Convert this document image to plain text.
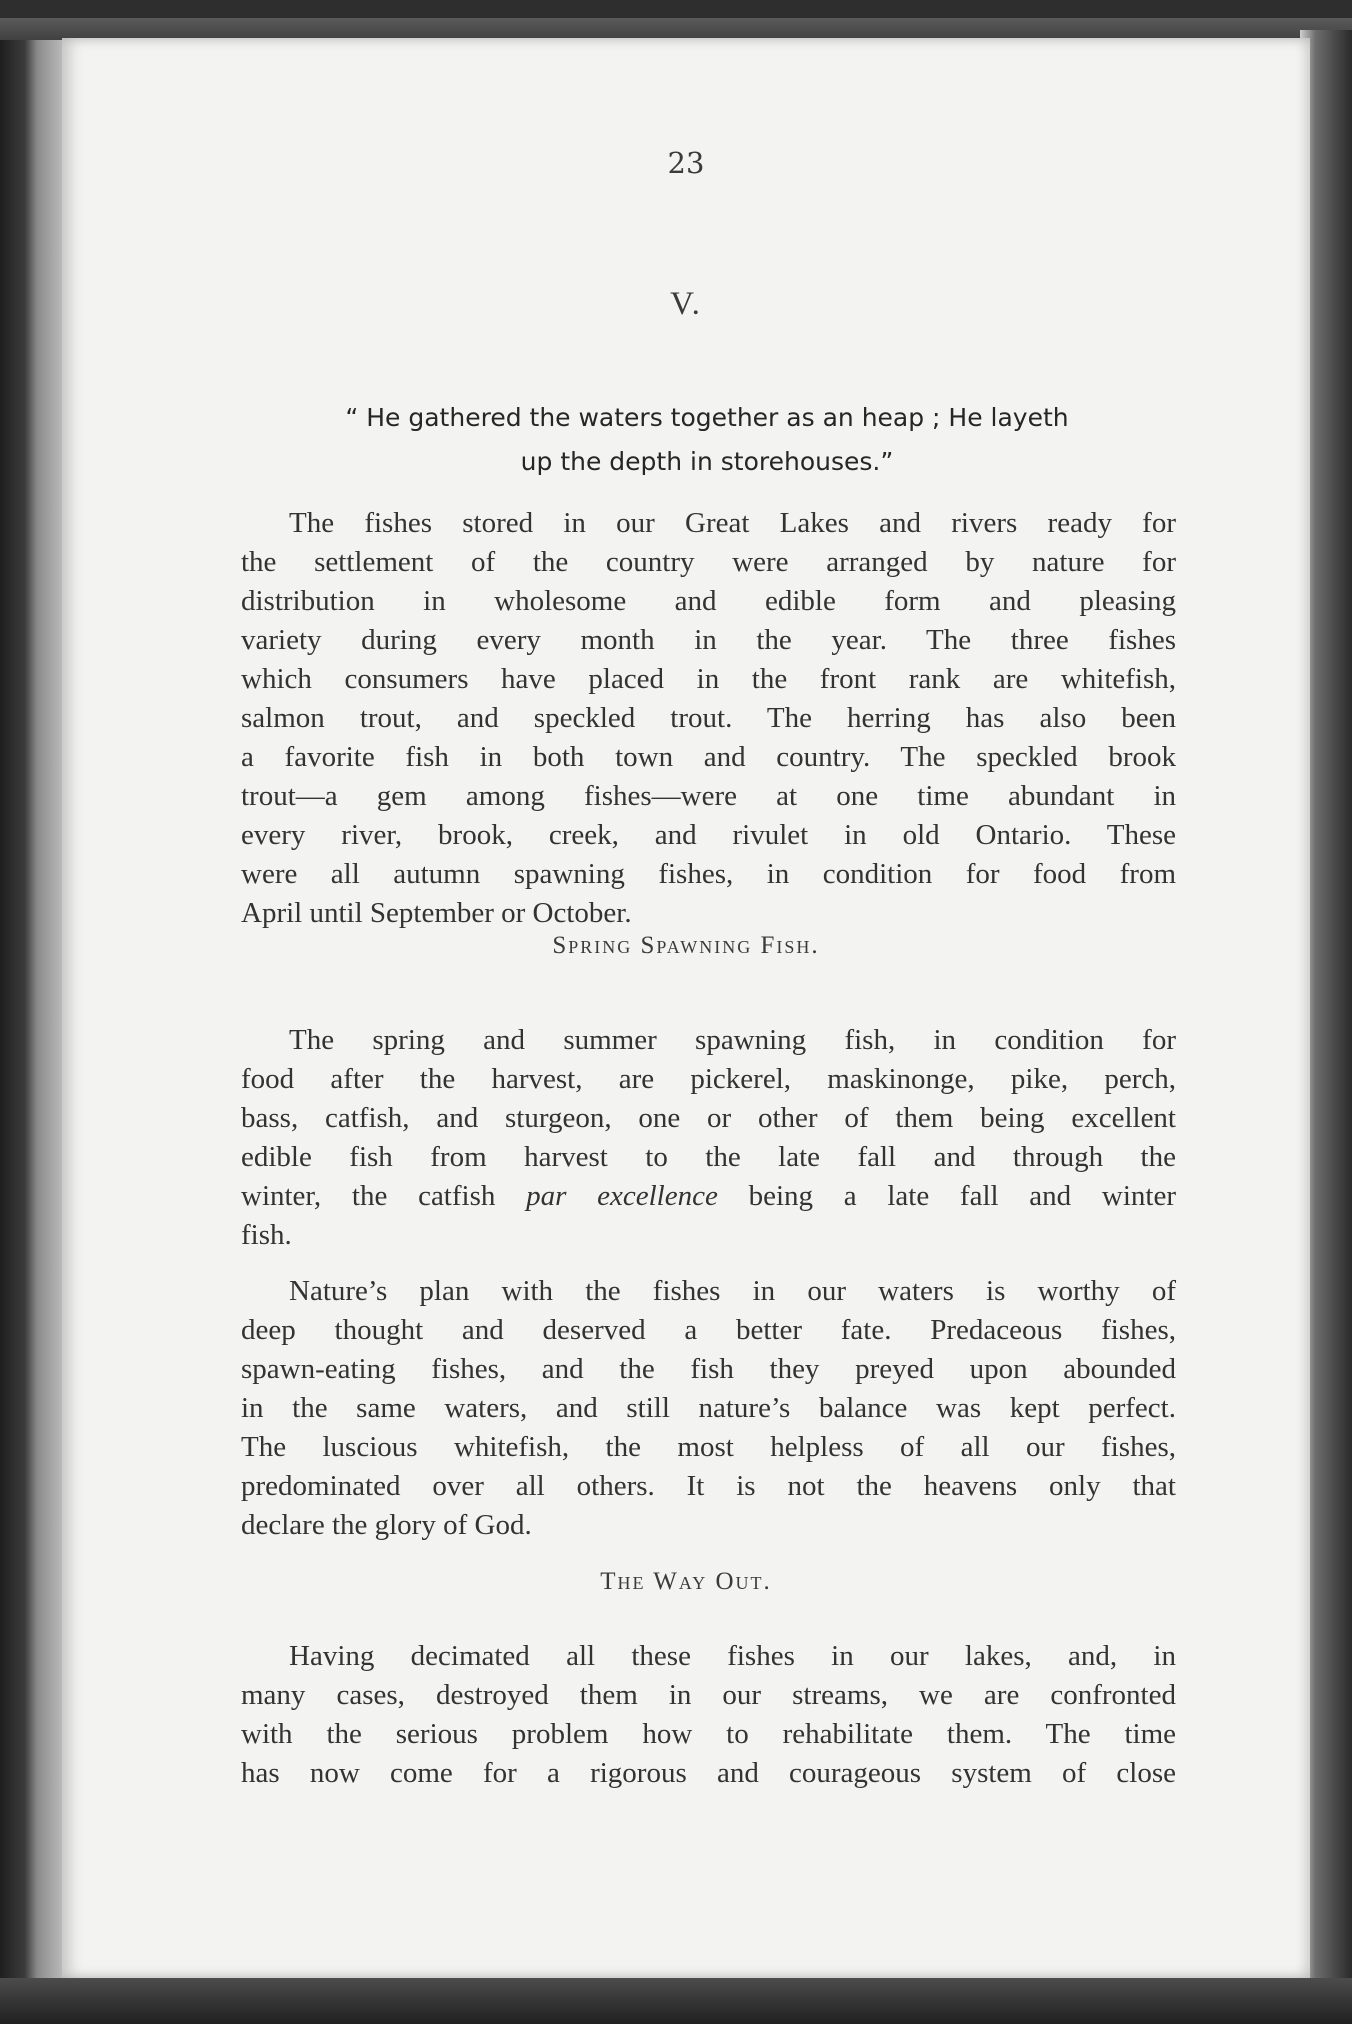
23
V.
“ He gathered the waters together as an heap ; He layeth
up the depth in storehouses.”
The fishes stored in our Great Lakes and rivers ready for
the settlement of the country were arranged by nature for
distribution in wholesome and edible form and pleasing
variety during every month in the year. The three fishes
which consumers have placed in the front rank are whitefish,
salmon trout, and speckled trout. The herring has also been
a favorite fish in both town and country. The speckled brook
trout—a gem among fishes—were at one time abundant in
every river, brook, creek, and rivulet in old Ontario. These
were all autumn spawning fishes, in condition for food from
April until September or October.
Spring Spawning Fish.
The spring and summer spawning fish, in condition for
food after the harvest, are pickerel, maskinonge, pike, perch,
bass, catfish, and sturgeon, one or other of them being excellent
edible fish from harvest to the late fall and through the
winter, the catfish par excellence being a late fall and winter
fish.
Nature’s plan with the fishes in our waters is worthy of
deep thought and deserved a better fate. Predaceous fishes,
spawn-eating fishes, and the fish they preyed upon abounded
in the same waters, and still nature’s balance was kept perfect.
The luscious whitefish, the most helpless of all our fishes,
predominated over all others. It is not the heavens only that
declare the glory of God.
The Way Out.
Having decimated all these fishes in our lakes, and, in
many cases, destroyed them in our streams, we are confronted
with the serious problem how to rehabilitate them. The time
has now come for a rigorous and courageous system of close
